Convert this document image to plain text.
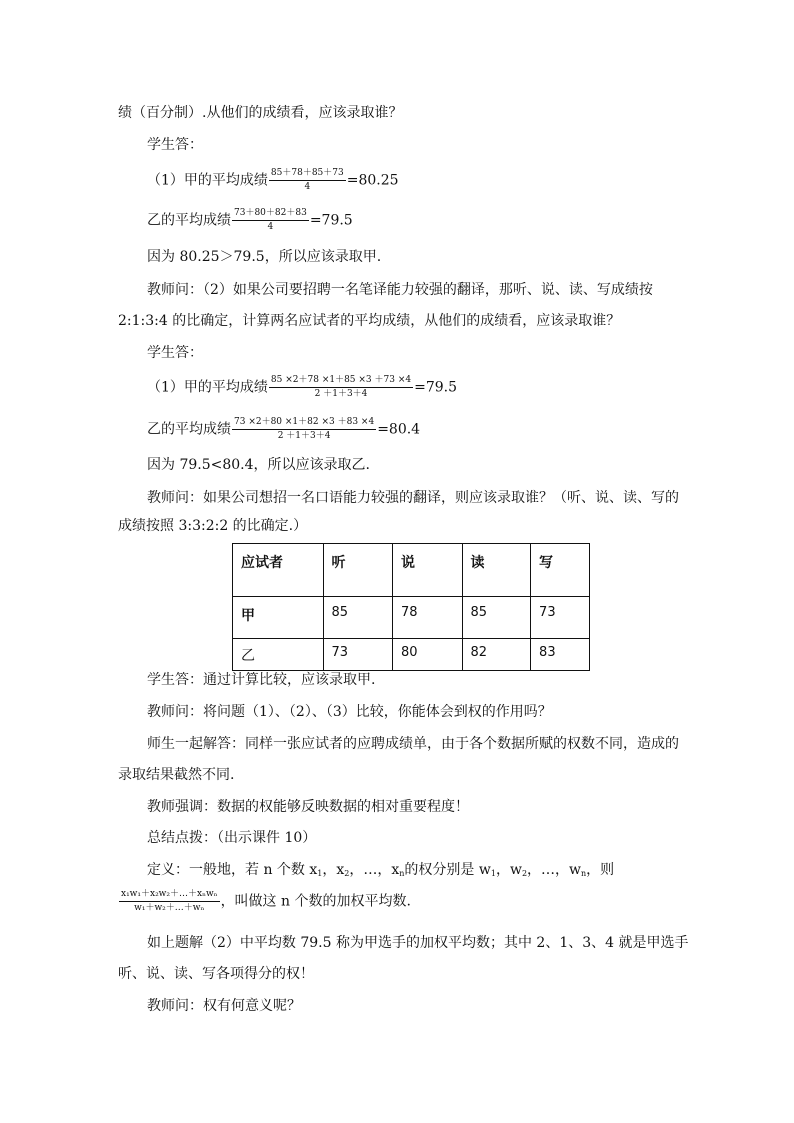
绩（百分制）.从他们的成绩看，应该录取谁？
学生答：
（1）甲的平均成绩 $\frac{85+78+85+73}{4} =80.25$
乙的平均成绩 $\frac{73+80+82+83}{4} =79.5$
因为 80.25＞79.5，所以应该录取甲.
教师问：（2）如果公司要招聘一名笔译能力较强的翻译，那听、说、读、写成绩按
2:1:3:4 的比确定，计算两名应试者的平均成绩，从他们的成绩看，应该录取谁？
学生答：
（1）甲的平均成绩 $\frac{85 \times 2+78 \times 1+85 \times 3 +73 \times 4}{2 +1+3+4} =79.5$
乙的平均成绩 $\frac{73 \times 2+80 \times 1+82 \times 3 +83 \times 4}{2 +1+3+4} =80.4$
因为 79.5<80.4，所以应该录取乙.
教师问：如果公司想招一名口语能力较强的翻译，则应该录取谁？（听、说、读、写的
成绩按照 3:3:2:2 的比确定.）
应试者	听	说	读	写
甲	85	78	85	73
乙	73	80	82	83
学生答：通过计算比较，应该录取甲.
教师问：将问题（1）、（2）、（3）比较，你能体会到权的作用吗？
师生一起解答：同样一张应试者的应聘成绩单，由于各个数据所赋的权数不同，造成的
录取结果截然不同.
教师强调：数据的权能够反映数据的相对重要程度！
总结点拨：（出示课件 10）
定义：一般地，若 n 个数 $x_1$，$x_2$，…，$x_n$的权分别是 $w_1$，$w_2$，…，$w_n$，则
$\frac{\text{x₁w₁＋x₂w₂＋…＋xₙwₙ}}{\text{w₁＋w₂＋…＋wₙ}}$ ，叫做这 n 个数的加权平均数.
如上题解（2）中平均数 79.5 称为甲选手的加权平均数；其中 2、1、3、4 就是甲选手
听、说、读、写各项得分的权！
教师问：权有何意义呢？
